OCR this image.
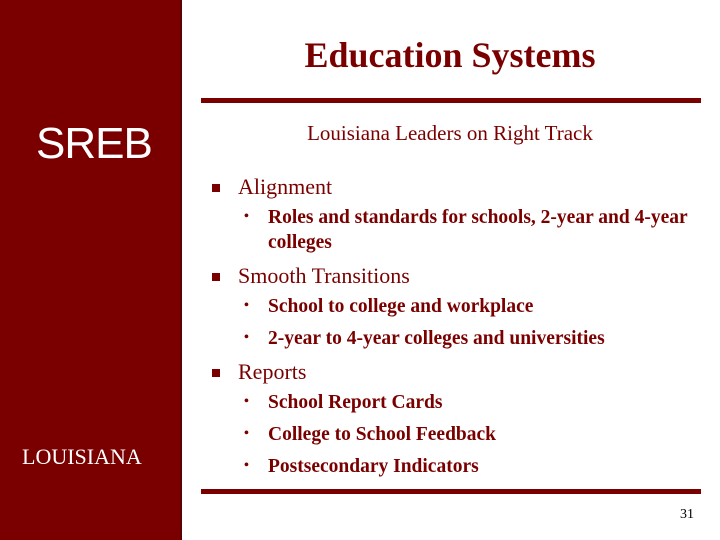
SREB
LOUISIANA
Education Systems
Louisiana Leaders on Right Track
Alignment
• Roles and standards for schools, 2-year and 4-year colleges
Smooth Transitions
• School to college and workplace
• 2-year to 4-year colleges and universities
Reports
• School Report Cards
• College to School Feedback
• Postsecondary Indicators
31
